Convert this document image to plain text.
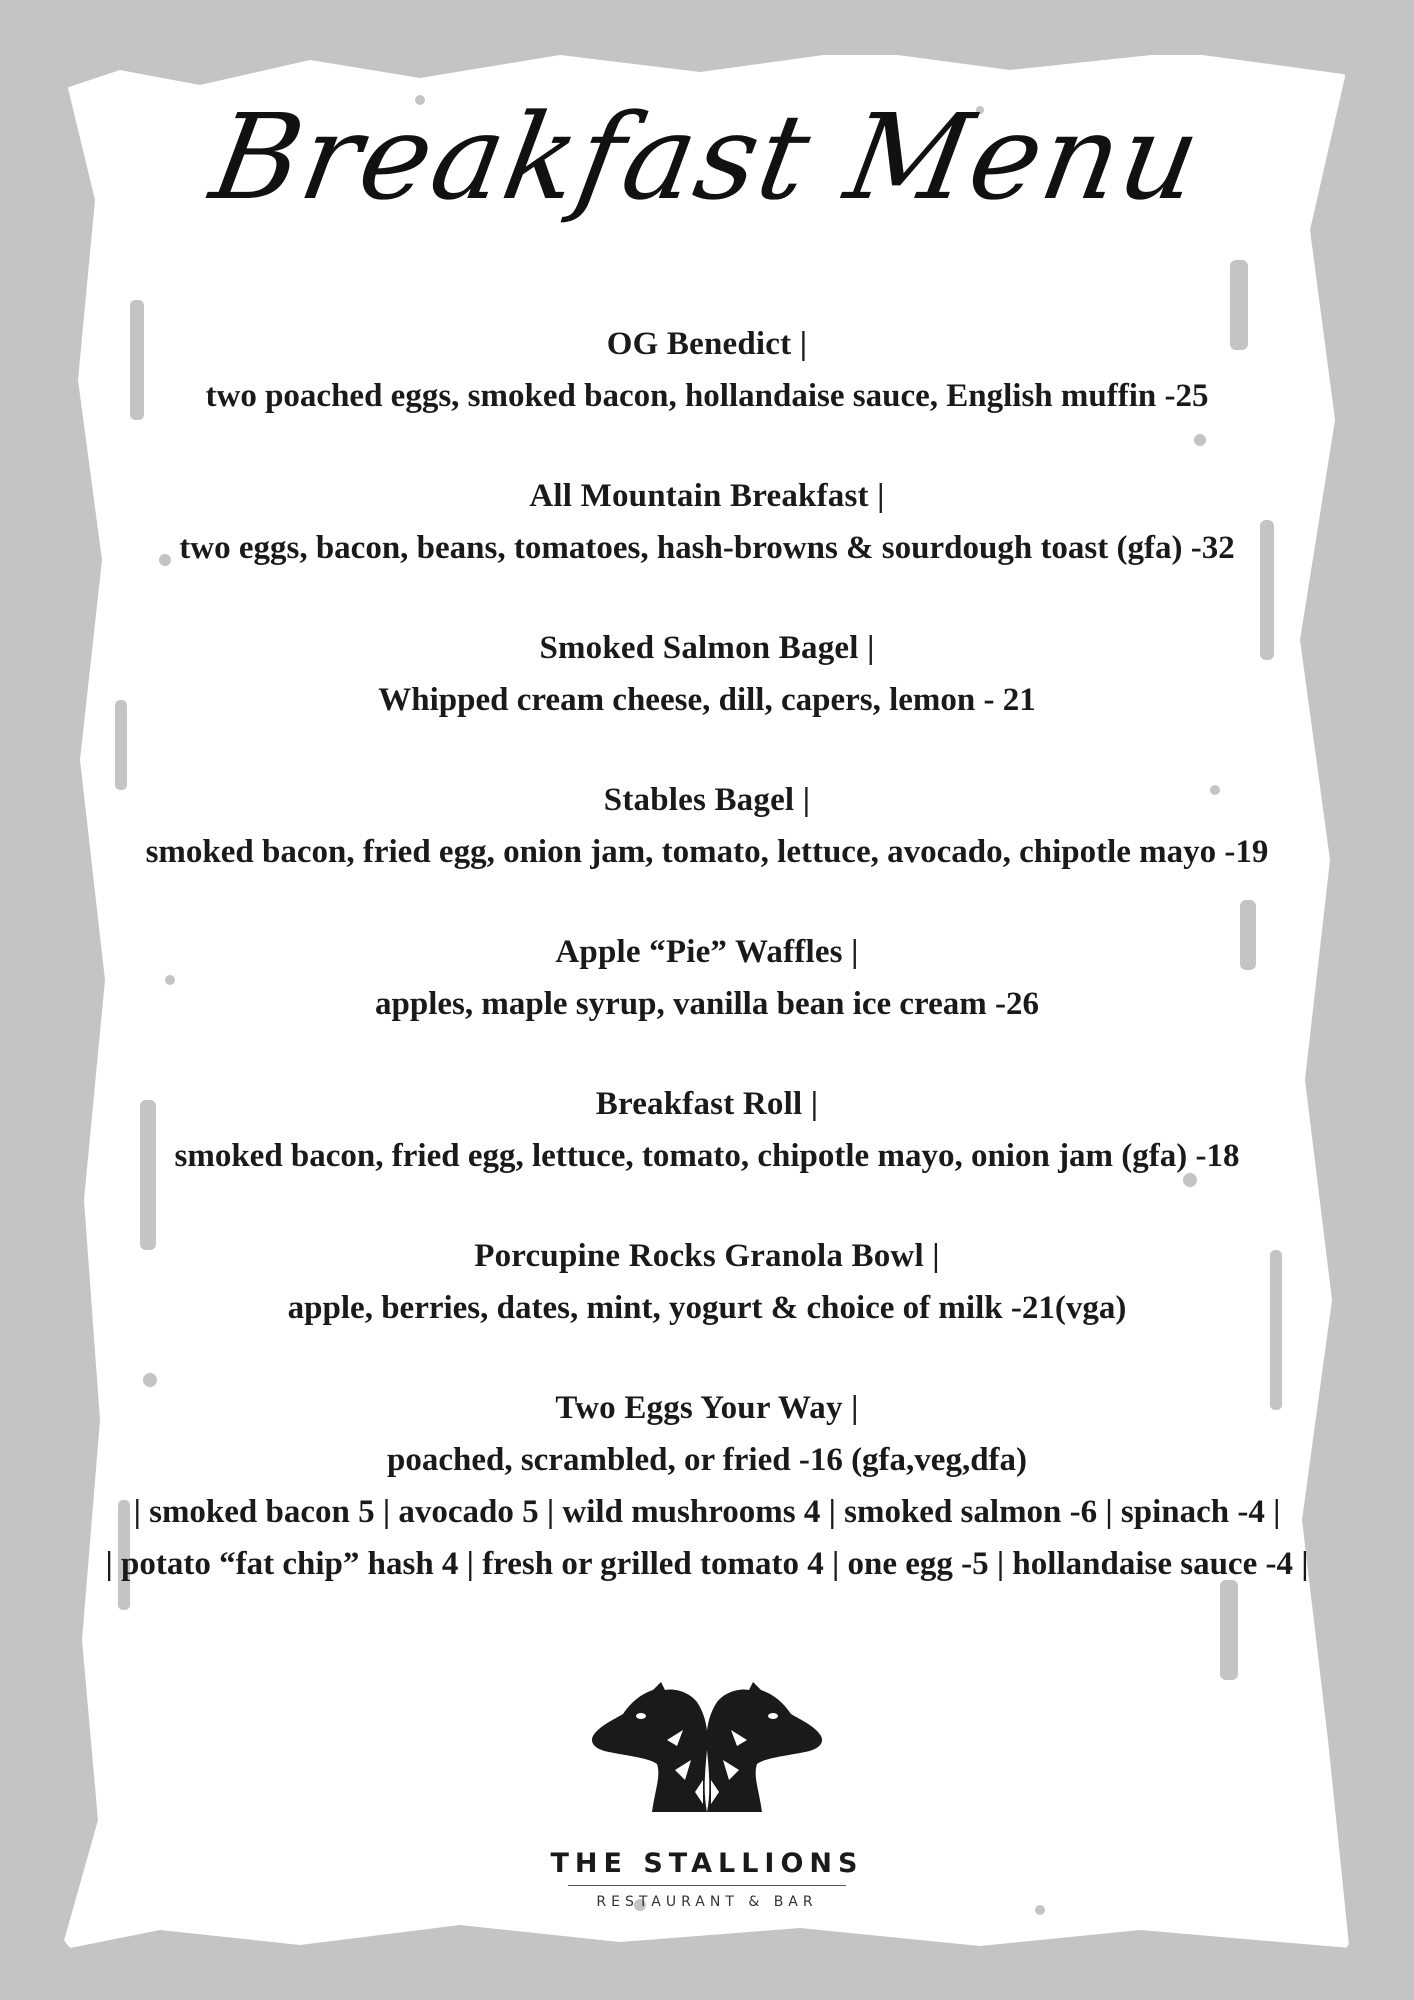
Breakfast Menu
OG Benedict |
two poached eggs, smoked bacon, hollandaise sauce, English muffin -25
All Mountain Breakfast |
two eggs, bacon, beans, tomatoes, hash-browns & sourdough toast (gfa) -32
Smoked Salmon Bagel |
Whipped cream cheese, dill, capers, lemon - 21
Stables Bagel |
smoked bacon, fried egg, onion jam, tomato, lettuce, avocado, chipotle mayo -19
Apple “Pie” Waffles |
apples, maple syrup, vanilla bean ice cream -26
Breakfast Roll |
smoked bacon, fried egg, lettuce, tomato, chipotle mayo, onion jam (gfa) -18
Porcupine Rocks Granola Bowl |
apple, berries, dates, mint, yogurt & choice of milk -21(vga)
Two Eggs Your Way |
poached, scrambled, or fried -16 (gfa,veg,dfa)
| smoked bacon 5 | avocado 5 | wild mushrooms 4 | smoked salmon -6 | spinach -4 |
| potato “fat chip” hash 4 | fresh or grilled tomato 4 | one egg -5 | hollandaise sauce -4 |
THE STALLIONS
RESTAURANT & BAR
